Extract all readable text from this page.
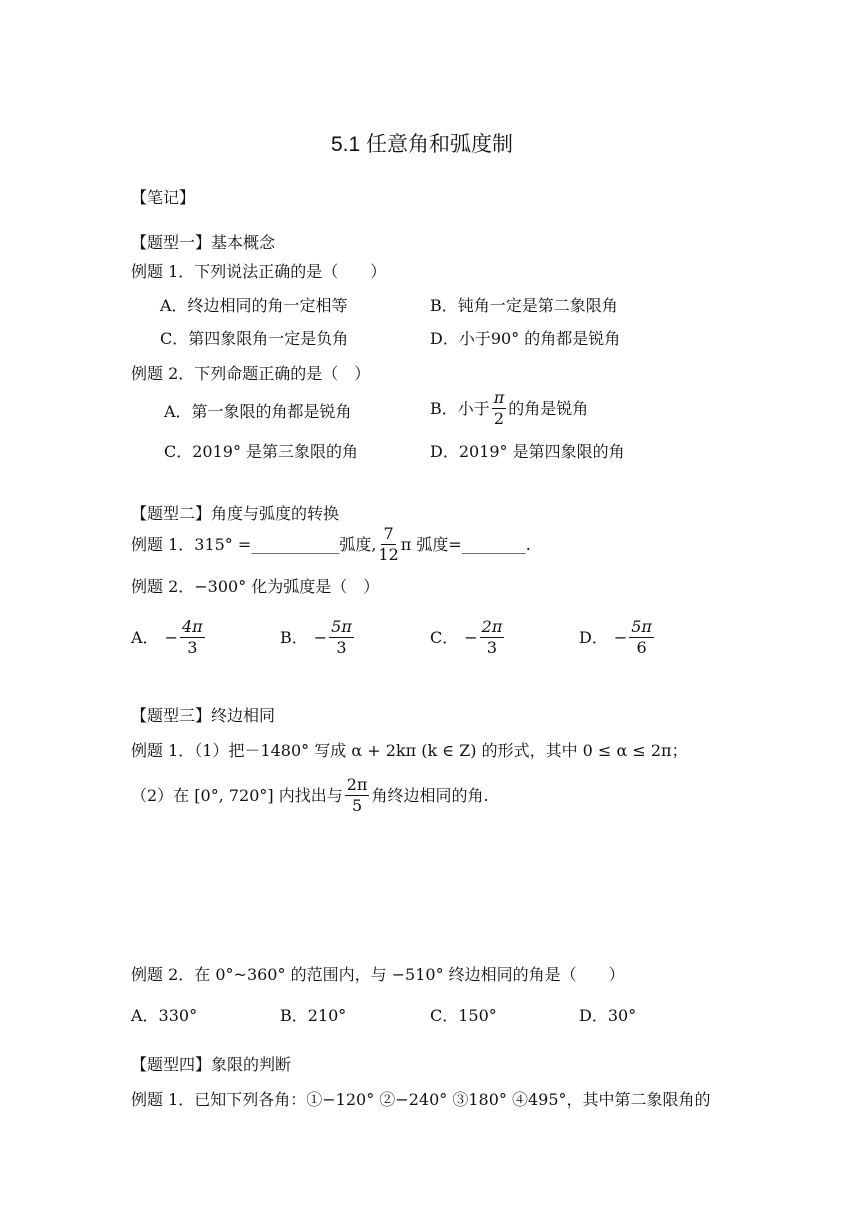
5.1 任意角和弧度制
【笔记】
【题型一】基本概念
例题 1．下列说法正确的是（　　）
A．终边相同的角一定相等	B．钝角一定是第二象限角
C．第四象限角一定是负角	D．小于90° 的角都是锐角
例题 2．下列命题正确的是（　）
A．第一象限的角都是锐角	B．小于 $\frac{\pi}{2}$ 的角是锐角
C．2019° 是第三象限的角	D．2019° 是第四象限的角
【题型二】角度与弧度的转换
例题 1．315° = ___________ 弧度, $\frac{7}{12}$ π 弧度= ________ .
例题 2．−300° 化为弧度是（　）
A． − $\frac{4\pi}{3}$	B． − $\frac{5\pi}{3}$	C． − $\frac{2\pi}{3}$	D． − $\frac{5\pi}{6}$
【题型三】终边相同
例题 1．（1）把－1480° 写成 α + 2kπ (k ∈ Z) 的形式，其中 0 ≤ α ≤ 2π；
（2）在 [0°, 720°] 内找出与 $\frac{2\pi}{5}$ 角终边相同的角.
例题 2．在 0°~360° 的范围内，与 −510° 终边相同的角是（　　）
A．330°	B．210°	C．150°	D．30°
【题型四】象限的判断
例题 1．已知下列各角：①−120° ②−240° ③180° ④495°，其中第二象限角的
